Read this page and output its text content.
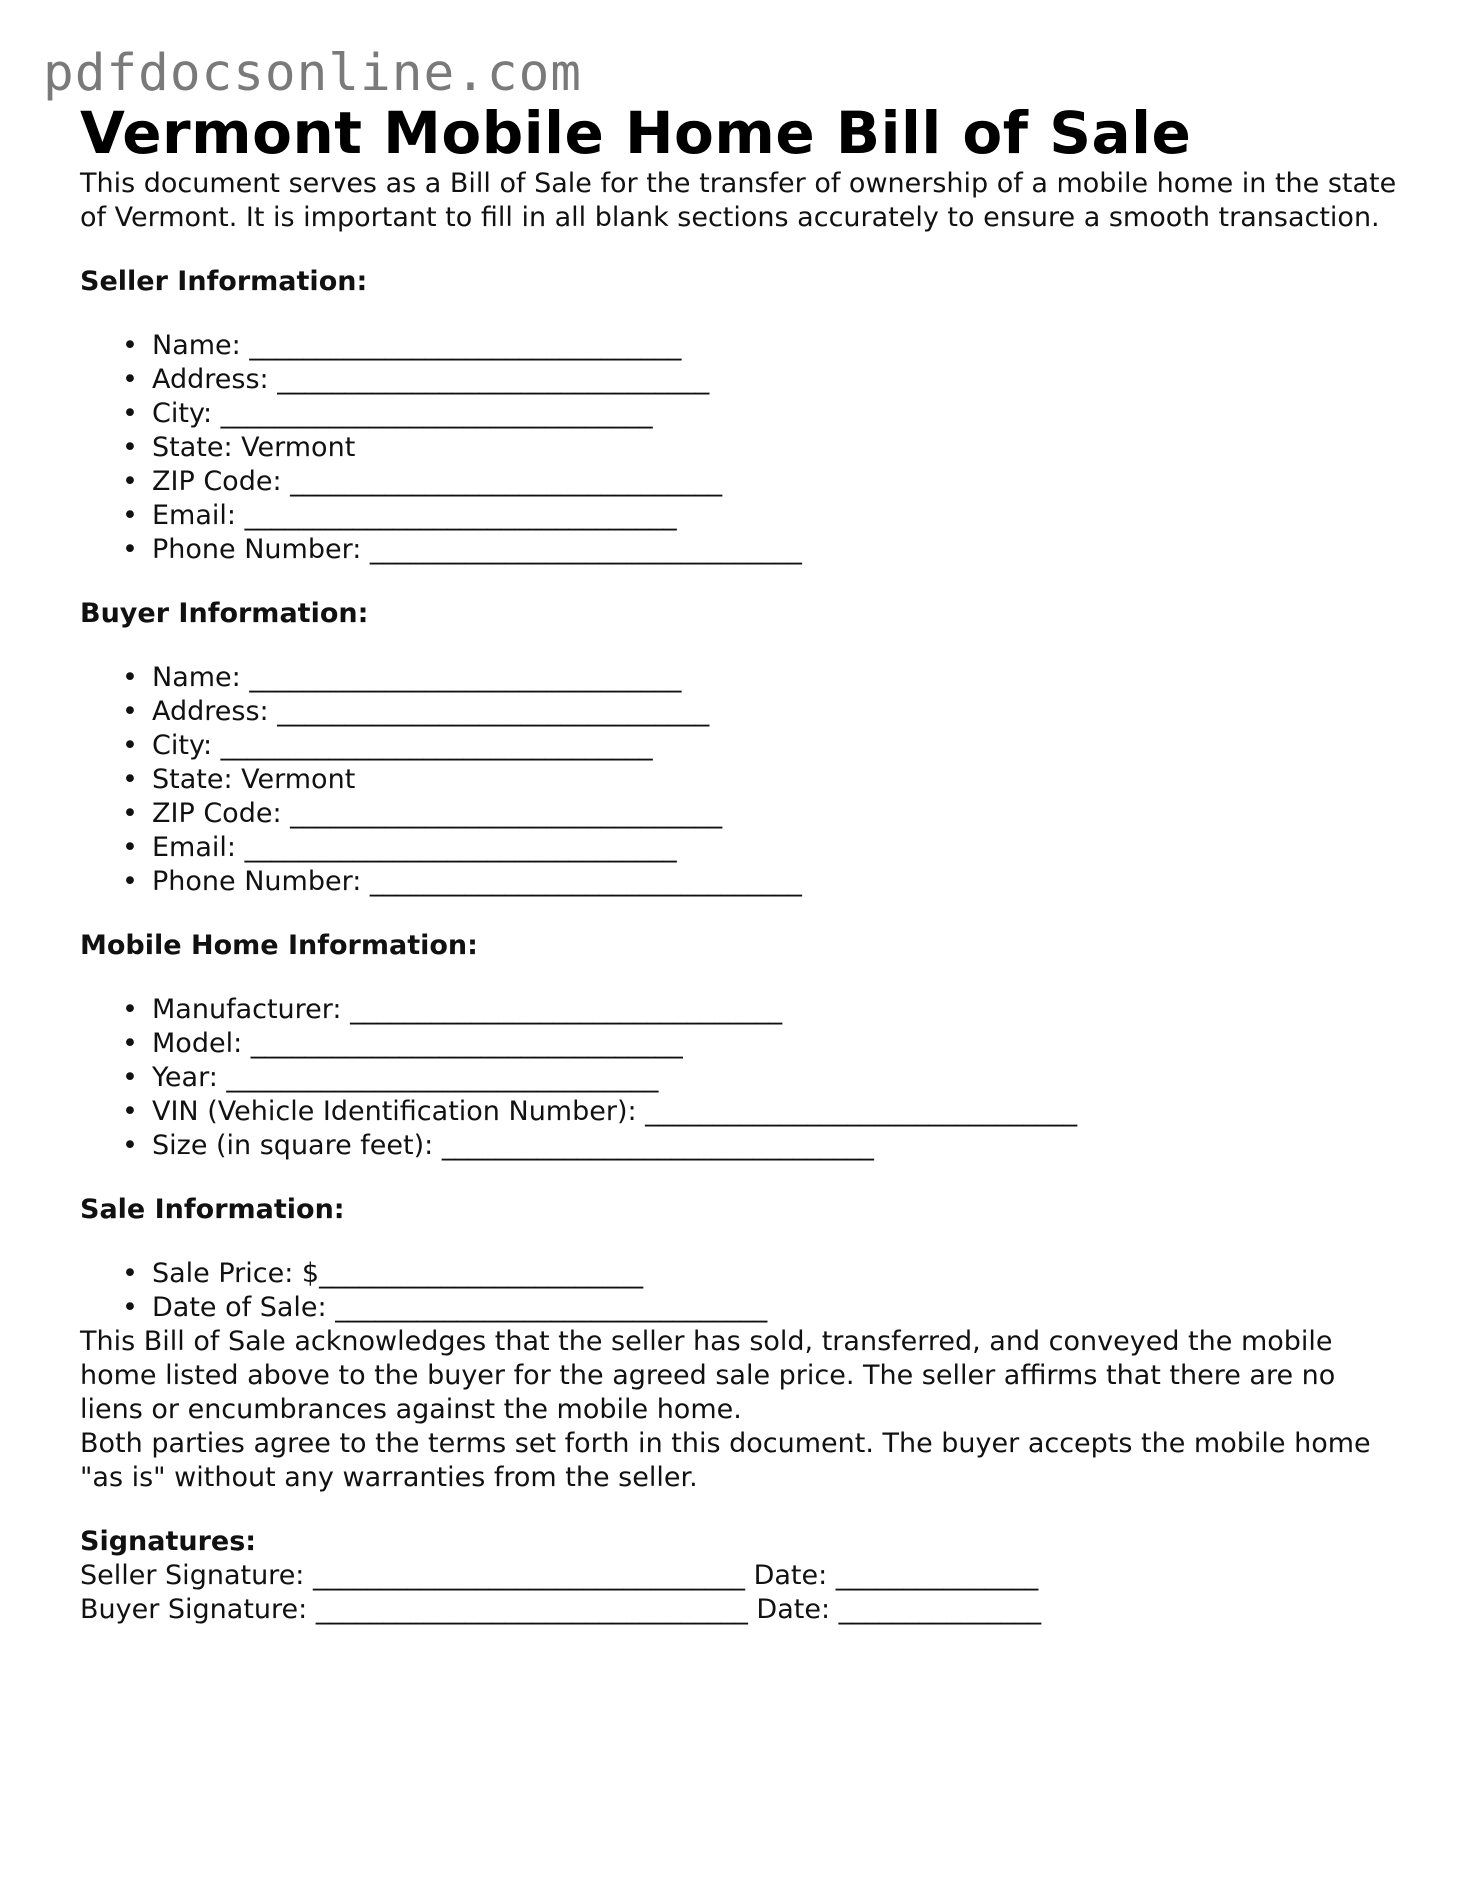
pdfdocsonline.com
Vermont Mobile Home Bill of Sale

This document serves as a Bill of Sale for the transfer of ownership of a mobile home in the state of Vermont. It is important to fill in all blank sections accurately to ensure a smooth transaction.

Seller Information:
• Name: ________________________________
• Address: ________________________________
• City: ________________________________
• State: Vermont
• ZIP Code: ________________________________
• Email: ________________________________
• Phone Number: ________________________________
Buyer Information:
• Name: ________________________________
• Address: ________________________________
• City: ________________________________
• State: Vermont
• ZIP Code: ________________________________
• Email: ________________________________
• Phone Number: ________________________________
Mobile Home Information:
• Manufacturer: ________________________________
• Model: ________________________________
• Year: ________________________________
• VIN (Vehicle Identification Number): ________________________________
• Size (in square feet): ________________________________
Sale Information:
• Sale Price: $________________________
• Date of Sale: ________________________________

This Bill of Sale acknowledges that the seller has sold, transferred, and conveyed the mobile home listed above to the buyer for the agreed sale price. The seller affirms that there are no liens or encumbrances against the mobile home.

Both parties agree to the terms set forth in this document. The buyer accepts the mobile home "as is" without any warranties from the seller.

Signatures:

Seller Signature: ________________________________ Date: _______________

Buyer Signature: ________________________________ Date: _______________
